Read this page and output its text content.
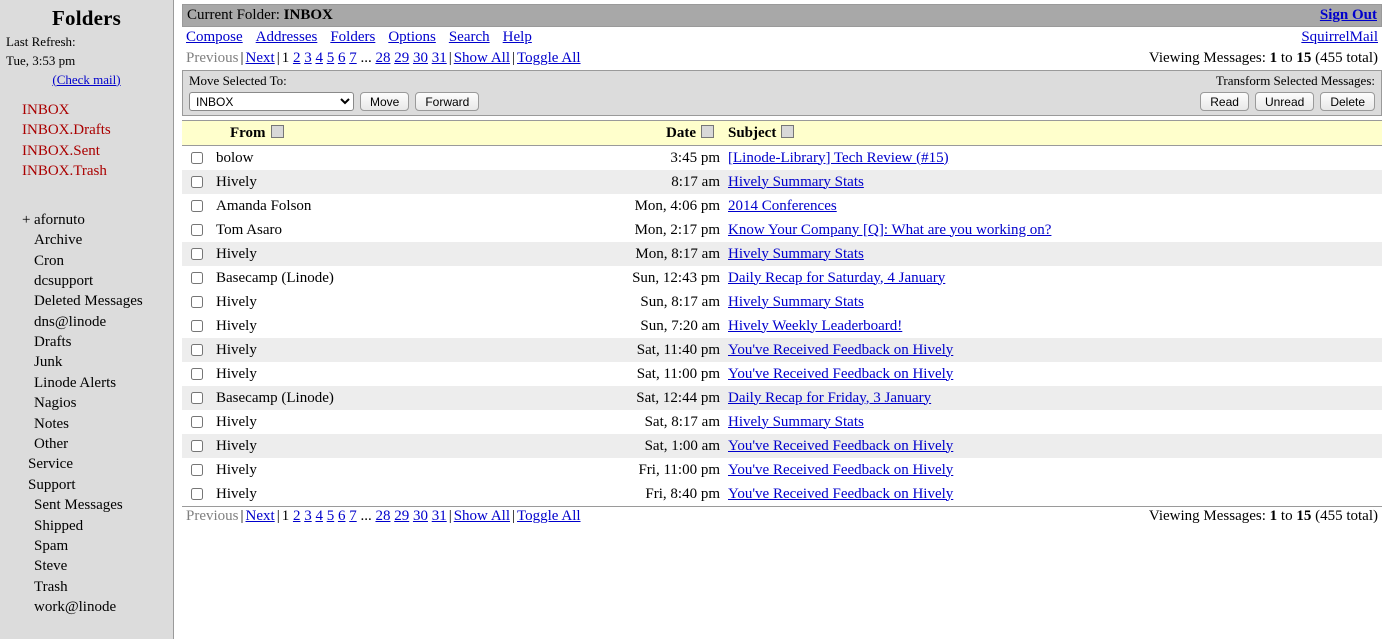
Folders
Last Refresh:
Tue, 3:53 pm
(Check mail)
INBOX
INBOX.Drafts
INBOX.Sent
INBOX.Trash
+ afornuto
Archive
Cron
dcsupport
Deleted Messages
dns@linode
Drafts
Junk
Linode Alerts
Nagios
Notes
Other
Service
Support
Sent Messages
Shipped
Spam
Steve
Trash
work@linode
Current Folder: INBOX	Sign Out
Compose Addresses Folders Options Search Help	SquirrelMail
Previous | Next | 1 2 3 4 5 6 7 ... 28 29 30 31 | Show All | Toggle All	Viewing Messages: 1 to 15 (455 total)
Move Selected To:
INBOX
Move	Forward
Transform Selected Messages:
Read	Unread	Delete
	From	Date	Subject
	bolow	3:45 pm	[Linode-Library] Tech Review (#15)
	Hively	8:17 am	Hively Summary Stats
	Amanda Folson	Mon, 4:06 pm	2014 Conferences
	Tom Asaro	Mon, 2:17 pm	Know Your Company [Q]: What are you working on?
	Hively	Mon, 8:17 am	Hively Summary Stats
	Basecamp (Linode)	Sun, 12:43 pm	Daily Recap for Saturday, 4 January
	Hively	Sun, 8:17 am	Hively Summary Stats
	Hively	Sun, 7:20 am	Hively Weekly Leaderboard!
	Hively	Sat, 11:40 pm	You've Received Feedback on Hively
	Hively	Sat, 11:00 pm	You've Received Feedback on Hively
	Basecamp (Linode)	Sat, 12:44 pm	Daily Recap for Friday, 3 January
	Hively	Sat, 8:17 am	Hively Summary Stats
	Hively	Sat, 1:00 am	You've Received Feedback on Hively
	Hively	Fri, 11:00 pm	You've Received Feedback on Hively
	Hively	Fri, 8:40 pm	You've Received Feedback on Hively
Previous | Next | 1 2 3 4 5 6 7 ... 28 29 30 31 | Show All | Toggle All	Viewing Messages: 1 to 15 (455 total)
